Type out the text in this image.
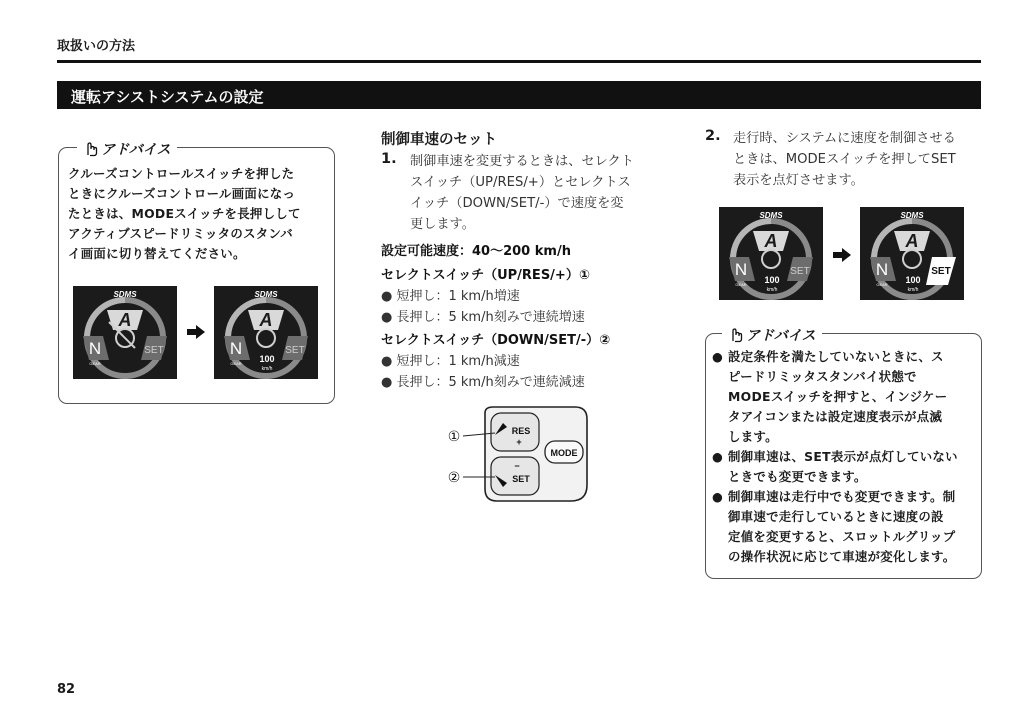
取扱いの方法
運転アシストシステムの設定
アドバイス
クルーズコントロールスイッチを押した
ときにクルーズコントロール画面になっ
たときは、MODEスイッチを長押しして
アクティブスピードリミッタのスタンバ
イ画面に切り替えてください。
SDMS
A
N
GEAR
SET
SDMS
A
N
GEAR
SET
100
km/h
制御車速のセット
1. 制御車速を変更するときは、セレクト
スイッチ（UP/RES/+）とセレクトス
イッチ（DOWN/SET/-）で速度を変
更します。
設定可能速度：40〜200 km/h
セレクトスイッチ（UP/RES/+）①
● 短押し：1 km/h増速
● 長押し：5 km/h刻みで連続増速
セレクトスイッチ（DOWN/SET/-）②
● 短押し：1 km/h減速
● 長押し：5 km/h刻みで連続減速
RES
+
−
SET
MODE
①
②
2. 走行時、システムに速度を制御させる
ときは、MODEスイッチを押してSET
表示を点灯させます。
SDMS
A
N
GEAR
SET
100
km/h
SDMS
A
N
GEAR
SET
100
km/h
アドバイス
● 設定条件を満たしていないときに、ス
ピードリミッタスタンバイ状態で
MODEスイッチを押すと、インジケー
タアイコンまたは設定速度表示が点滅
します。
● 制御車速は、SET表示が点灯していない
ときでも変更できます。
● 制御車速は走行中でも変更できます。制
御車速で走行しているときに速度の設
定値を変更すると、スロットルグリップ
の操作状況に応じて車速が変化します。
82
